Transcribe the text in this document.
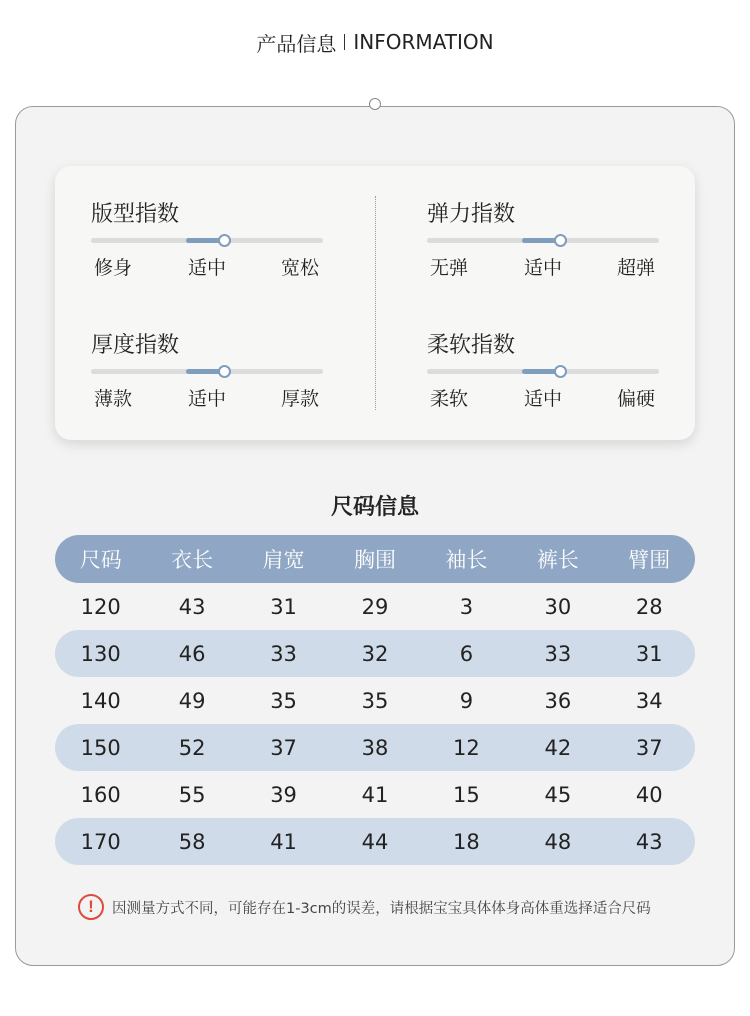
产品信息 INFORMATION
版型指数
修身	适中	宽松
弹力指数
无弹	适中	超弹
厚度指数
薄款	适中	厚款
柔软指数
柔软	适中	偏硬
尺码信息
尺码	衣长	肩宽	胸围	袖长	裤长	臂围
120	43	31	29	3	30	28
130	46	33	32	6	33	31
140	49	35	35	9	36	34
150	52	37	38	12	42	37
160	55	39	41	15	45	40
170	58	41	44	18	48	43
!	因测量方式不同，可能存在1-3cm的误差，请根据宝宝具体体身高体重选择适合尺码
